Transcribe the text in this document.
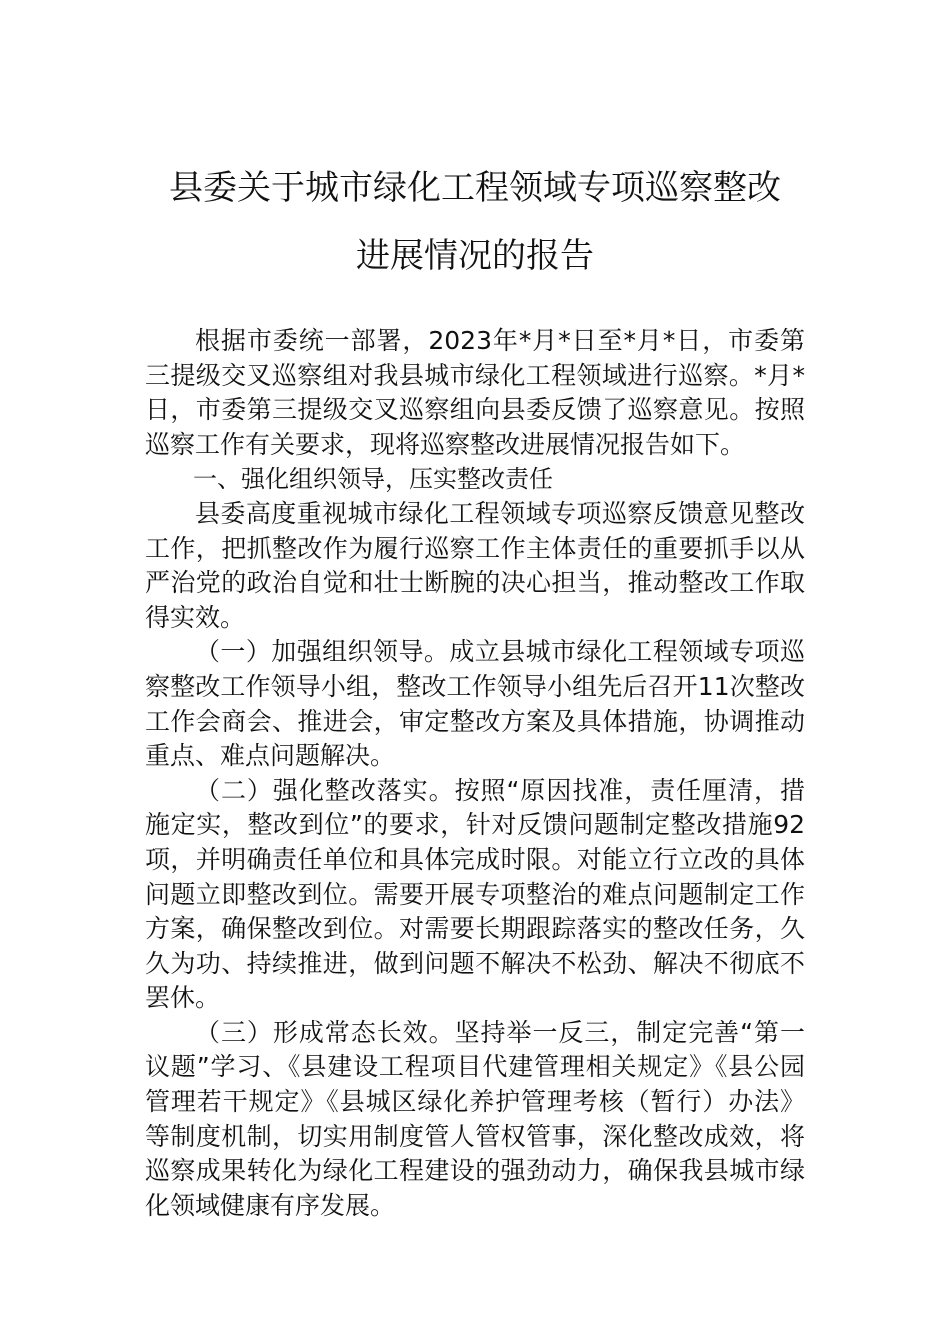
县委关于城市绿化工程领域专项巡察整改
进展情况的报告

根据市委统一部署，2023年*月*日至*月*日，市委第三提级交叉巡察组对我县城市绿化工程领域进行巡察。*月*日，市委第三提级交叉巡察组向县委反馈了巡察意见。按照巡察工作有关要求，现将巡察整改进展情况报告如下。

一、强化组织领导，压实整改责任

县委高度重视城市绿化工程领域专项巡察反馈意见整改工作，把抓整改作为履行巡察工作主体责任的重要抓手以从严治党的政治自觉和壮士断腕的决心担当，推动整改工作取得实效。

（一）加强组织领导。成立县城市绿化工程领域专项巡察整改工作领导小组，整改工作领导小组先后召开11次整改工作会商会、推进会，审定整改方案及具体措施，协调推动重点、难点问题解决。

（二）强化整改落实。按照“原因找准，责任厘清，措施定实，整改到位”的要求，针对反馈问题制定整改措施92项，并明确责任单位和具体完成时限。对能立行立改的具体问题立即整改到位。需要开展专项整治的难点问题制定工作方案，确保整改到位。对需要长期跟踪落实的整改任务，久久为功、持续推进，做到问题不解决不松劲、解决不彻底不罢休。

（三）形成常态长效。坚持举一反三，制定完善“第一议题”学习、《县建设工程项目代建管理相关规定》《县公园管理若干规定》《县城区绿化养护管理考核（暂行）办法》等制度机制，切实用制度管人管权管事，深化整改成效，将巡察成果转化为绿化工程建设的强劲动力，确保我县城市绿化领域健康有序发展。
